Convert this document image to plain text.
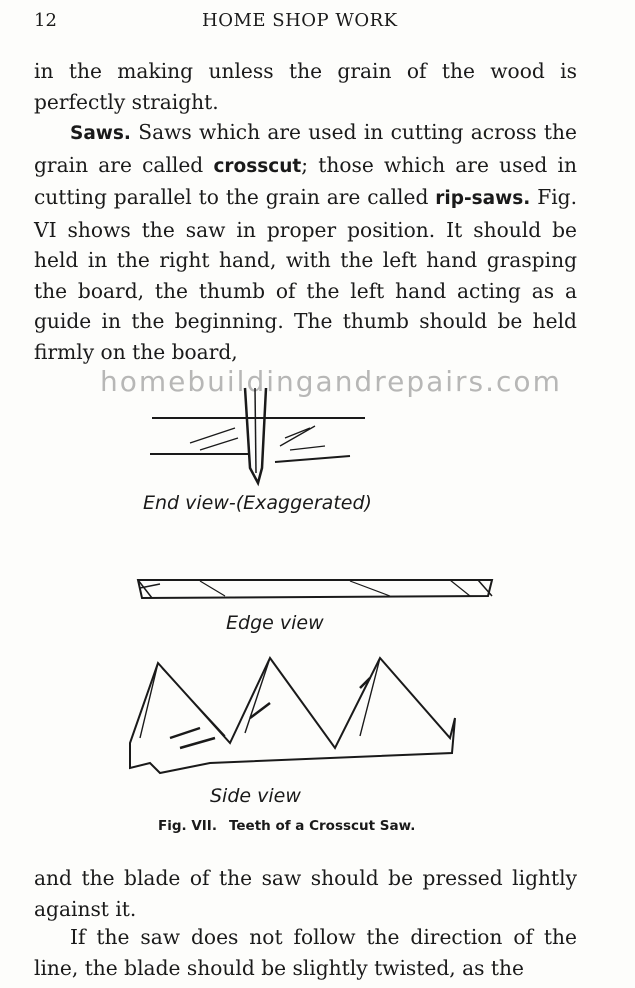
12	HOME SHOP WORK

in the making unless the grain of the wood is perfectly straight.

Saws. Saws which are used in cutting across the grain are called crosscut; those which are used in cutting parallel to the grain are called rip-saws. Fig. VI shows the saw in proper position. It should be held in the right hand, with the left hand grasping the board, the thumb of the left hand acting as a guide in the beginning. The thumb should be held firmly on the board,

homebuildingandrepairs.com
End view-(Exaggerated)
Edge view
Side view
Fig. VII. Teeth of a Crosscut Saw.

and the blade of the saw should be pressed lightly against it.

If the saw does not follow the direction of the line, the blade should be slightly twisted, as the
